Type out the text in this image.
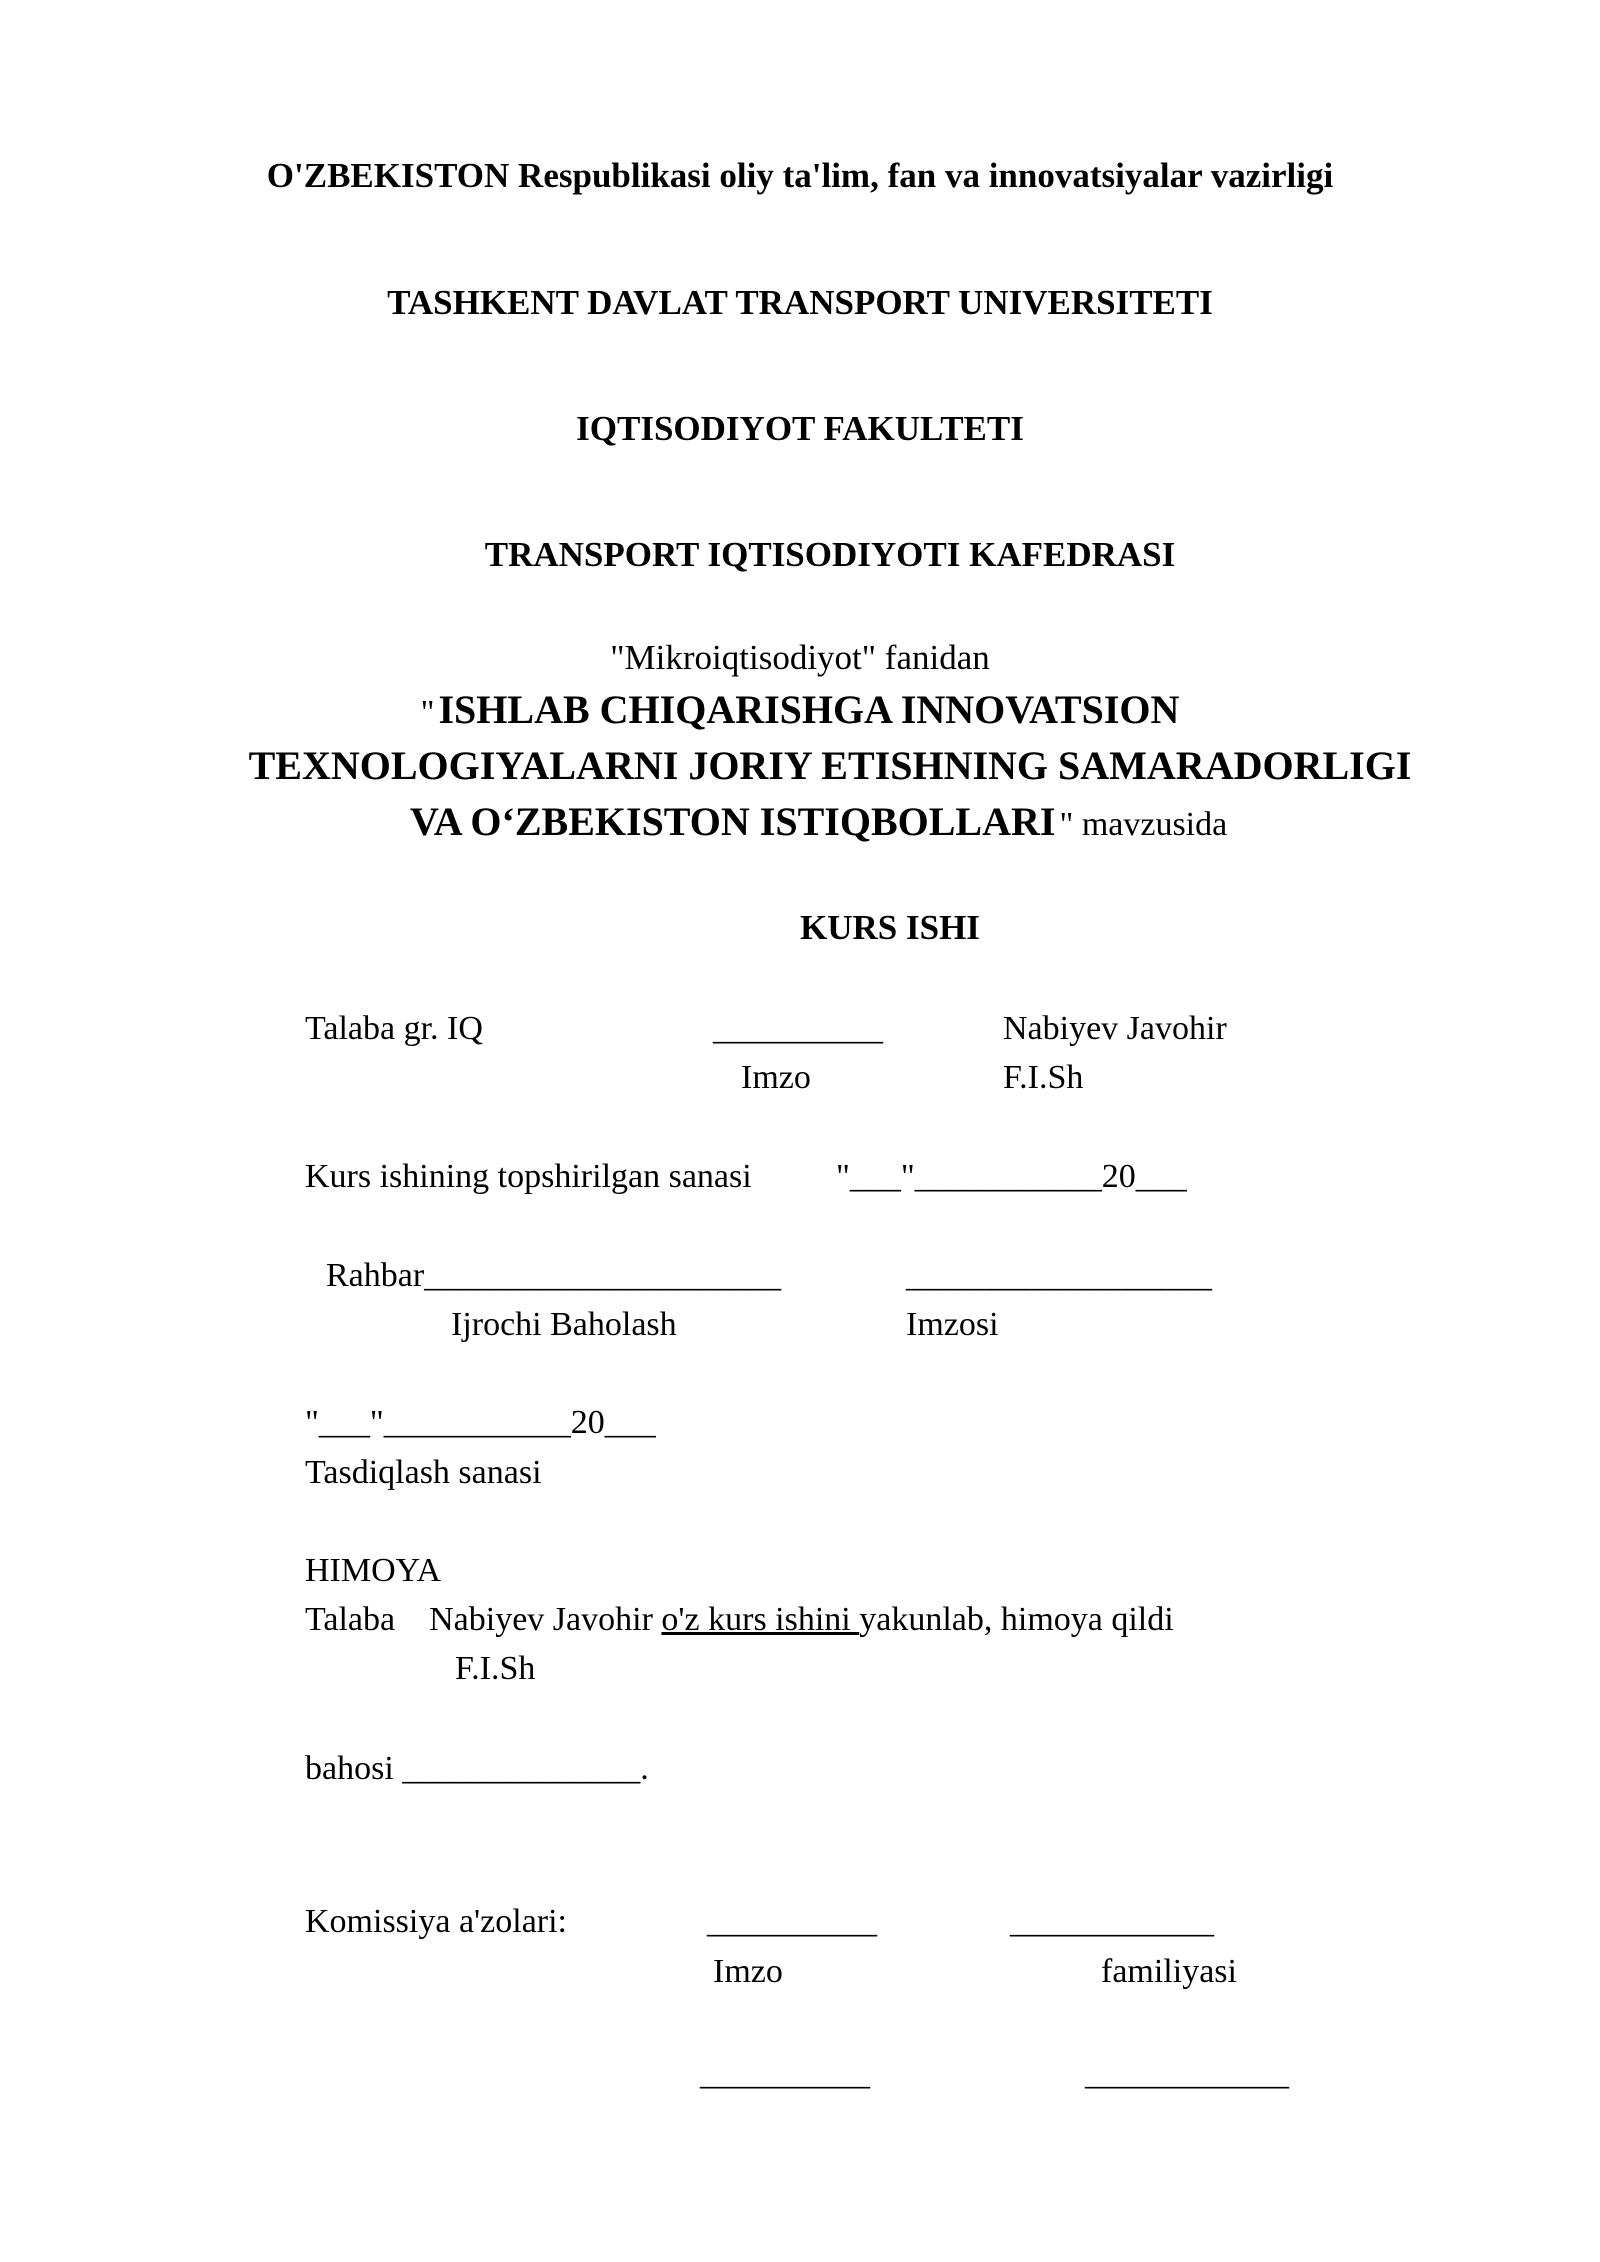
O'ZBEKISTON Respublikasi oliy ta'lim, fan va innovatsiyalar vazirligi
TASHKENT DAVLAT TRANSPORT UNIVERSITETI
IQTISODIYOT FAKULTETI
TRANSPORT IQTISODIYOTI KAFEDRASI
"Mikroiqtisodiyot" fanidan
" ISHLAB CHIQARISHGA INNOVATSION
TEXNOLOGIYALARNI JORIY ETISHNING SAMARADORLIGI
VA O‘ZBEKISTON ISTIQBOLLARI " mavzusida
KURS ISHI
Talaba gr. IQ	__________	Nabiyev Javohir
Imzo	F.I.Sh
Kurs ishining topshirilgan sanasi "___"___________20___
Rahbar_____________________	__________________
Ijrochi Baholash	Imzosi
"___"___________20___
Tasdiqlash sanasi
HIMOYA
Talaba Nabiyev Javohir o'z kurs ishini yakunlab, himoya qildi
F.I.Sh
bahosi ______________.
Komissiya a'zolari:	__________	____________
Imzo	familiyasi
__________	____________
